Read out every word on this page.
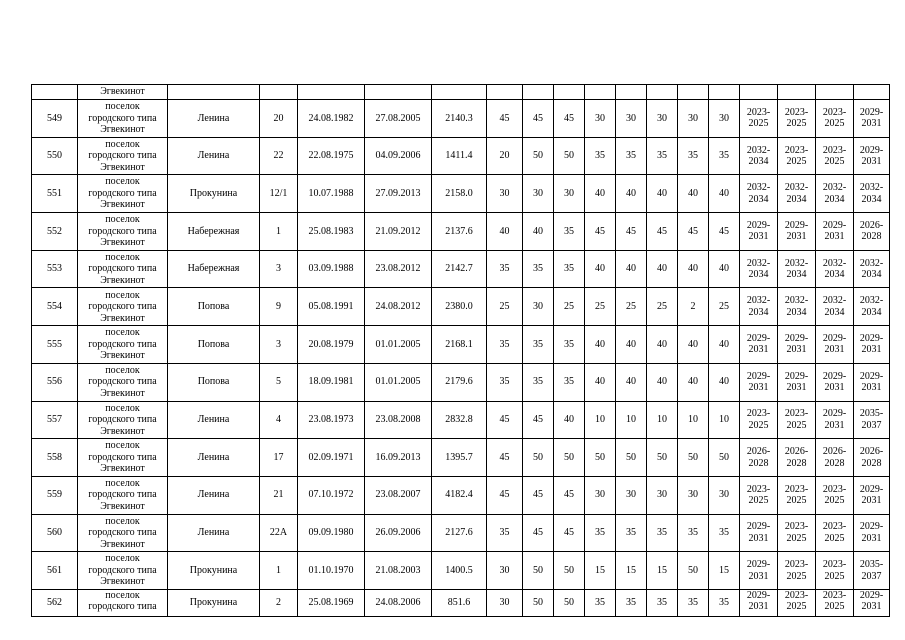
	Эгвекинот																	
549	поселок
городского типа
Эгвекинот	Ленина	20	24.08.1982	27.08.2005	2140.3	45	45	45	30	30	30	30	30	2023-2025	2023-2025	2023-2025	2029-2031
550	поселок
городского типа
Эгвекинот	Ленина	22	22.08.1975	04.09.2006	1411.4	20	50	50	35	35	35	35	35	2032-2034	2023-2025	2023-2025	2029-2031
551	поселок
городского типа
Эгвекинот	Прокунина	12/1	10.07.1988	27.09.2013	2158.0	30	30	30	40	40	40	40	40	2032-2034	2032-2034	2032-2034	2032-2034
552	поселок
городского типа
Эгвекинот	Набережная	1	25.08.1983	21.09.2012	2137.6	40	40	35	45	45	45	45	45	2029-2031	2029-2031	2029-2031	2026-2028
553	поселок
городского типа
Эгвекинот	Набережная	3	03.09.1988	23.08.2012	2142.7	35	35	35	40	40	40	40	40	2032-2034	2032-2034	2032-2034	2032-2034
554	поселок
городского типа
Эгвекинот	Попова	9	05.08.1991	24.08.2012	2380.0	25	30	25	25	25	25	2	25	2032-2034	2032-2034	2032-2034	2032-2034
555	поселок
городского типа
Эгвекинот	Попова	3	20.08.1979	01.01.2005	2168.1	35	35	35	40	40	40	40	40	2029-2031	2029-2031	2029-2031	2029-2031
556	поселок
городского типа
Эгвекинот	Попова	5	18.09.1981	01.01.2005	2179.6	35	35	35	40	40	40	40	40	2029-2031	2029-2031	2029-2031	2029-2031
557	поселок
городского типа
Эгвекинот	Ленина	4	23.08.1973	23.08.2008	2832.8	45	45	40	10	10	10	10	10	2023-2025	2023-2025	2029-2031	2035-2037
558	поселок
городского типа
Эгвекинот	Ленина	17	02.09.1971	16.09.2013	1395.7	45	50	50	50	50	50	50	50	2026-2028	2026-2028	2026-2028	2026-2028
559	поселок
городского типа
Эгвекинот	Ленина	21	07.10.1972	23.08.2007	4182.4	45	45	45	30	30	30	30	30	2023-2025	2023-2025	2023-2025	2029-2031
560	поселок
городского типа
Эгвекинот	Ленина	22А	09.09.1980	26.09.2006	2127.6	35	45	45	35	35	35	35	35	2029-2031	2023-2025	2023-2025	2029-2031
561	поселок
городского типа
Эгвекинот	Прокунина	1	01.10.1970	21.08.2003	1400.5	30	50	50	15	15	15	50	15	2029-2031	2023-2025	2023-2025	2035-2037
562	поселок
городского типа	Прокунина	2	25.08.1969	24.08.2006	851.6	30	50	50	35	35	35	35	35	2029-2031	2023-2025	2023-2025	2029-2031
